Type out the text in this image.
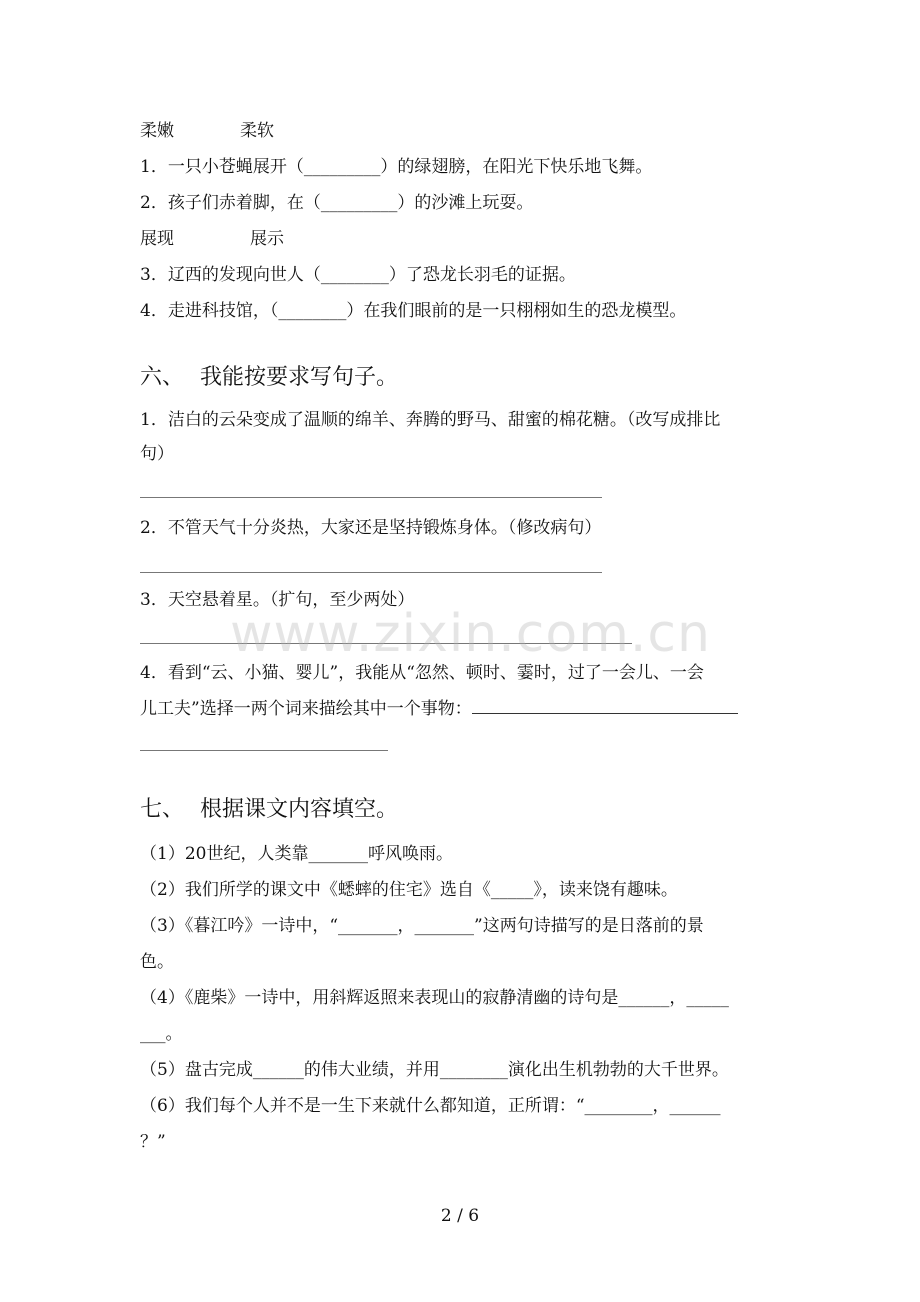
柔嫩	柔软

1．一只小苍蝇展开（_________）的绿翅膀，在阳光下快乐地飞舞。

2．孩子们赤着脚，在（_________）的沙滩上玩耍。

展现	展示

3．辽西的发现向世人（________）了恐龙长羽毛的证据。

4．走进科技馆，（________）在我们眼前的是一只栩栩如生的恐龙模型。

六、 我能按要求写句子。

1．洁白的云朵变成了温顺的绵羊、奔腾的野马、甜蜜的棉花糖。（改写成排比

句）

2．不管天气十分炎热，大家还是坚持锻炼身体。（修改病句）

3．天空悬着星。（扩句，至少两处）

www.zixin.com.cn

4．看到“云、小猫、婴儿”，我能从“忽然、顿时、霎时，过了一会儿、一会

儿工夫”选择一两个词来描绘其中一个事物：

七、 根据课文内容填空。

（1）20世纪，人类靠_______呼风唤雨。

（2）我们所学的课文中《蟋蟀的住宅》选自《_____》，读来饶有趣味。

（3）《暮江吟》一诗中，“_______，_______”这两句诗描写的是日落前的景

色。

（4）《鹿柴》一诗中，用斜辉返照来表现山的寂静清幽的诗句是______，_____

___。

（5）盘古完成______的伟大业绩，并用________演化出生机勃勃的大千世界。

（6）我们每个人并不是一生下来就什么都知道，正所谓：“________，______

？”

2 / 6
